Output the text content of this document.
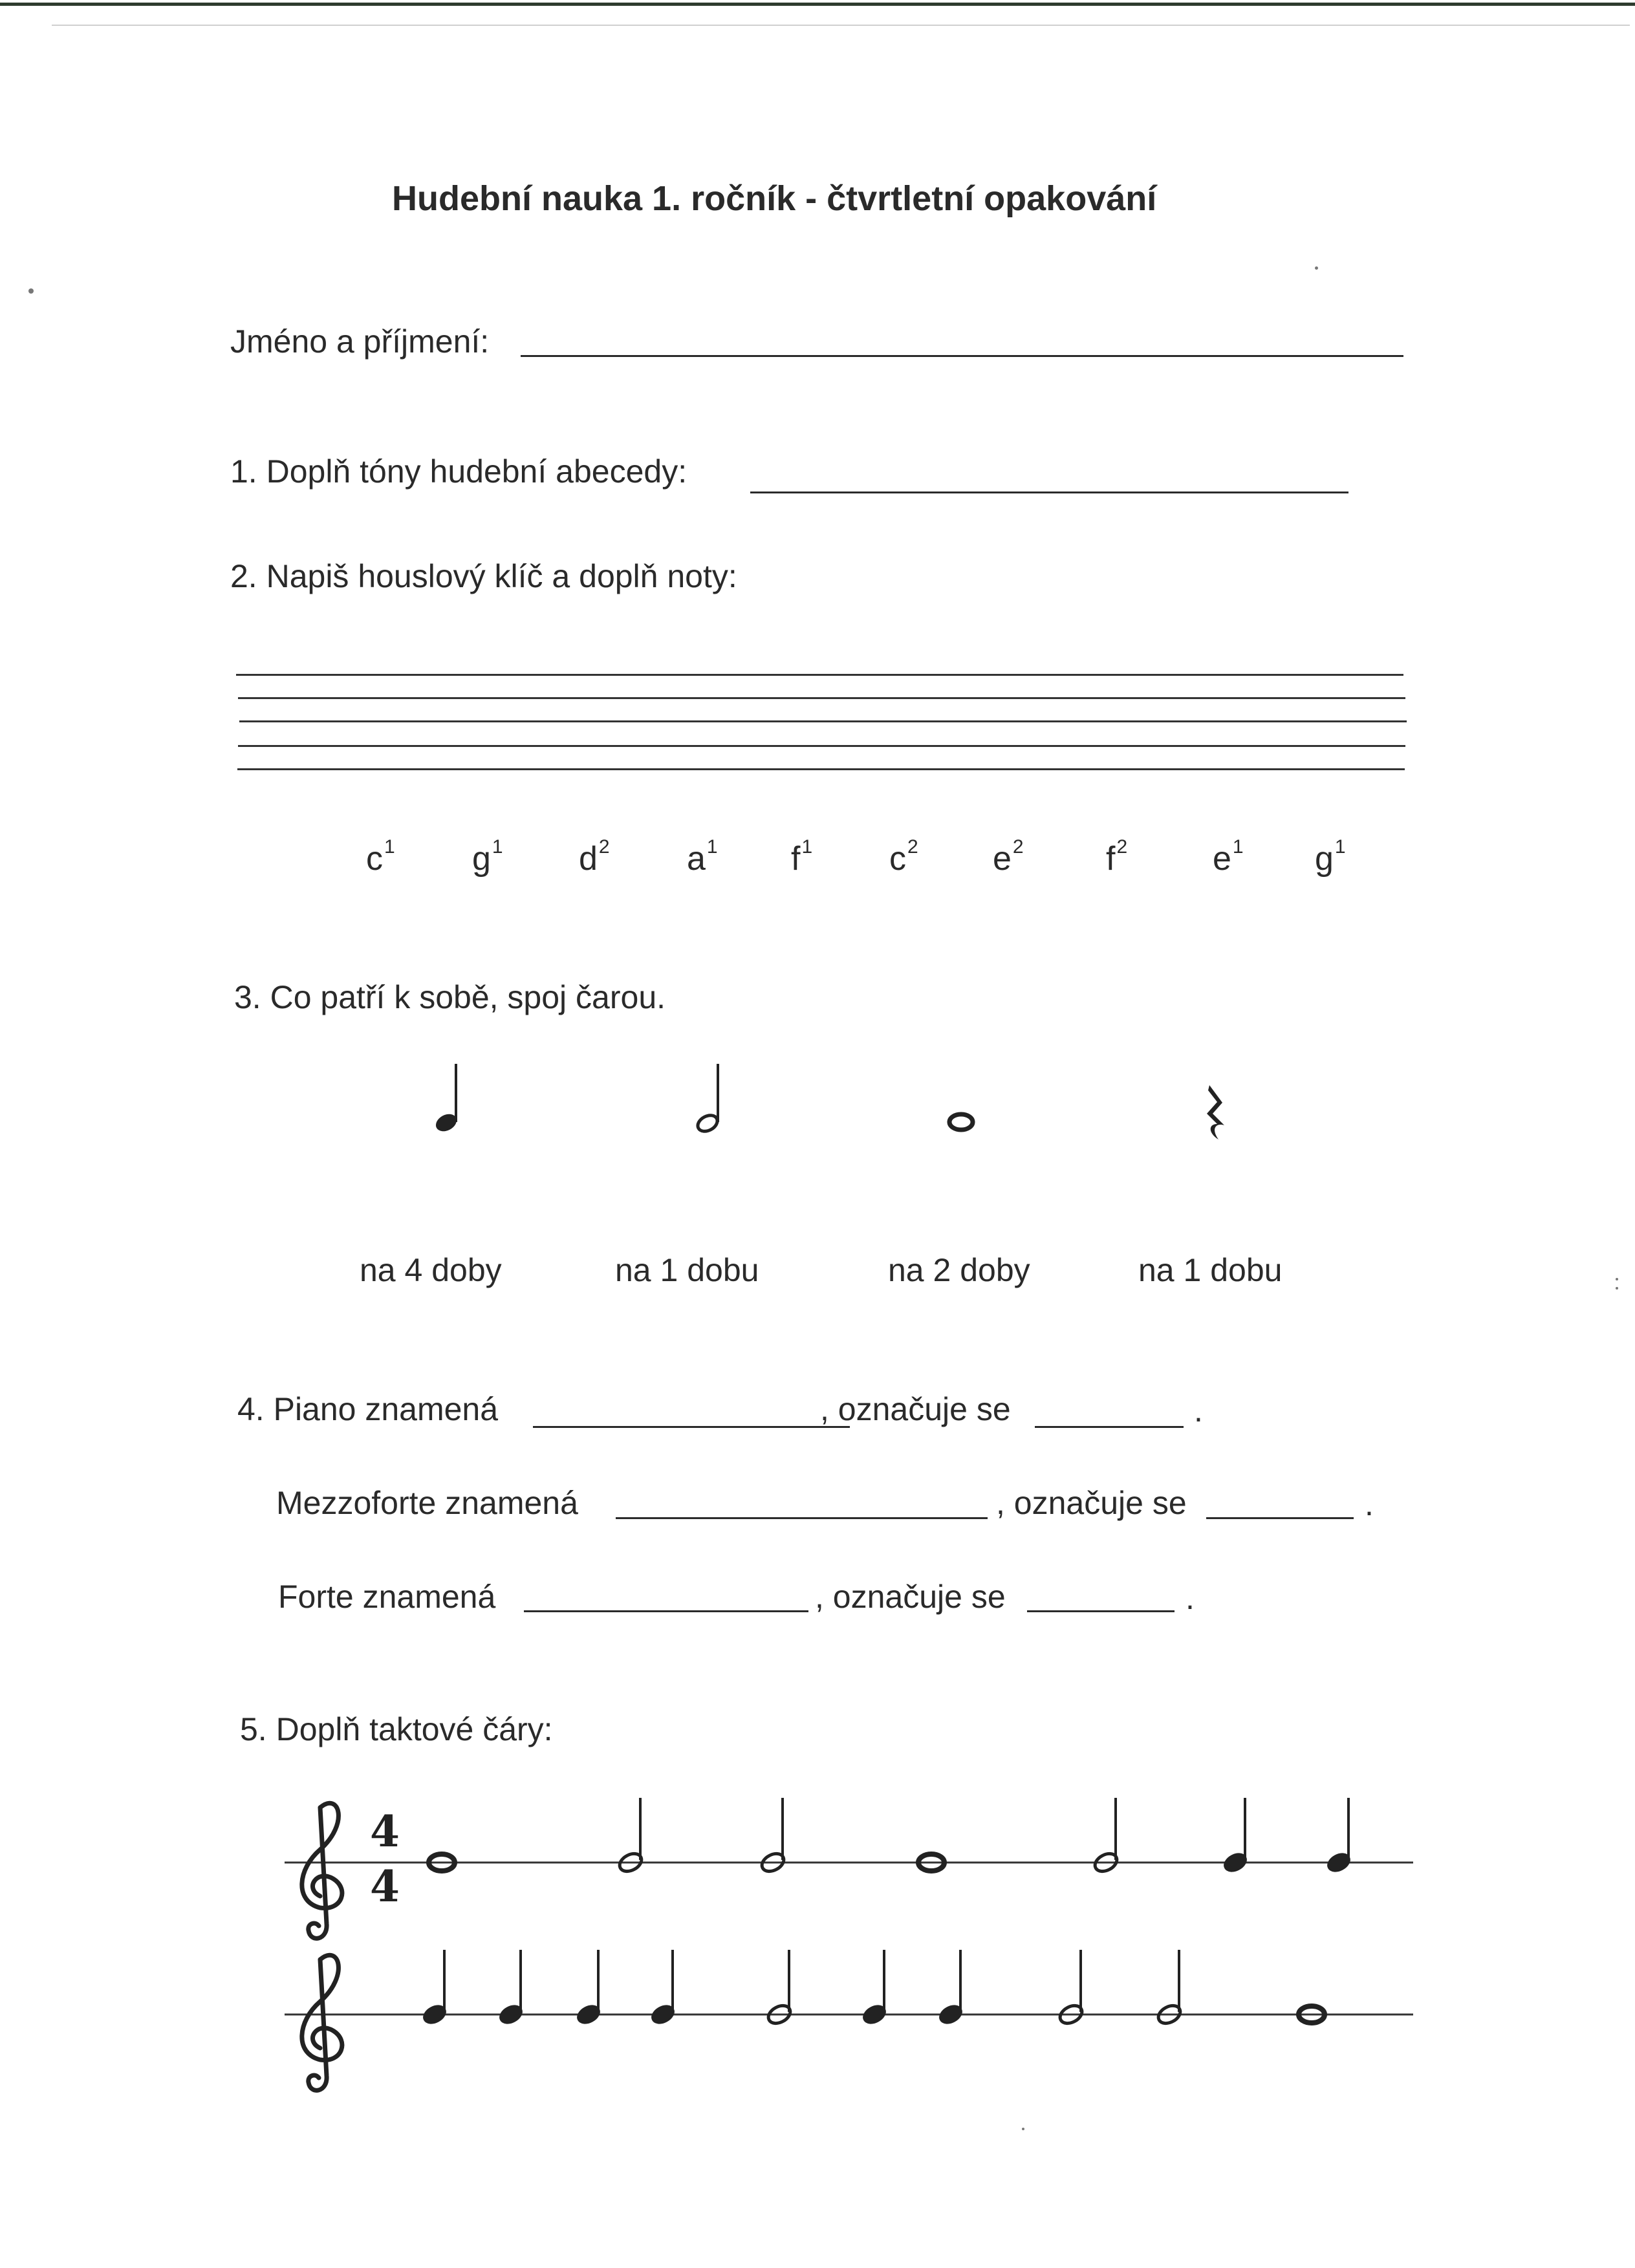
Hudební nauka 1. ročník - čtvrtletní opakování
Jméno a příjmení:
1. Doplň tóny hudební abecedy:
2. Napiš houslový klíč a doplň noty:
$c^1$ $g^1$ $d^2$ $a^1$ $f^1$ $c^2$ $e^2$ $f^2$	$e^1$ $g^1$
3. Co patří k sobě, spoj čarou.
na 4 doby	na 1 dobu	na 2 doby	na 1 dobu
4. Piano znamená	, označuje se	.
Mezzoforte znamená	, označuje se	.
Forte znamená	, označuje se	.
5. Doplň taktové čáry:
4
4
